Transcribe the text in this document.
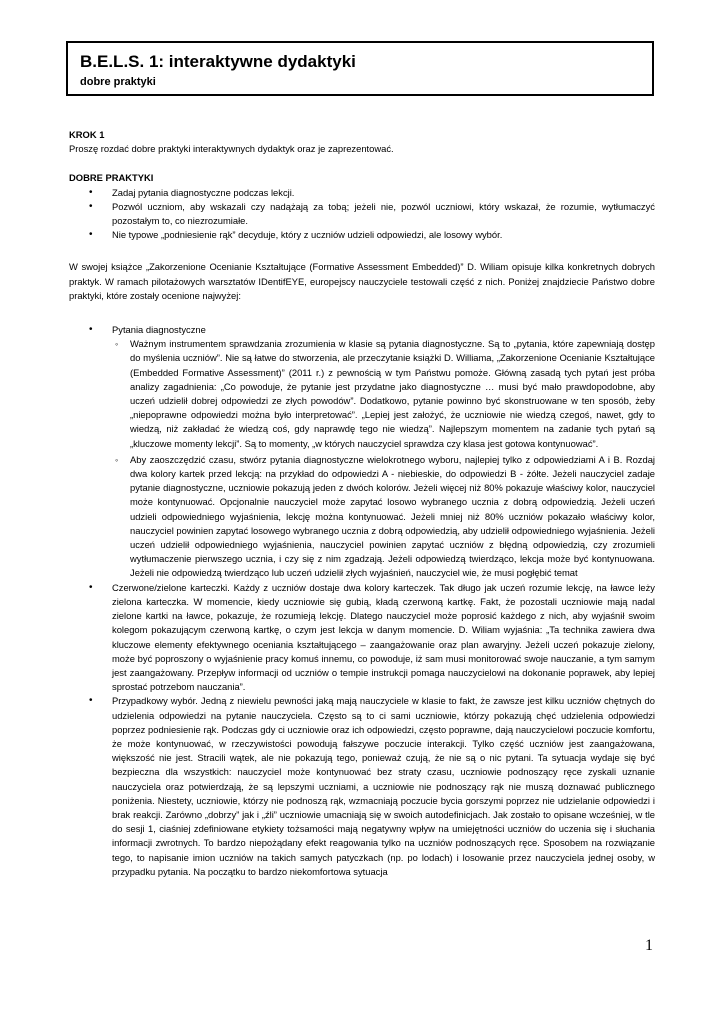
B.E.L.S. 1: interaktywne dydaktyki
dobre praktyki

KROK 1

Proszę rozdać dobre praktyki interaktywnych dydaktyk oraz je zaprezentować.

DOBRE PRAKTYKI

• Zadaj pytania diagnostyczne podczas lekcji.
• Pozwól uczniom, aby wskazali czy nadążają za tobą; jeżeli nie, pozwól uczniowi, który wskazał, że rozumie, wytłumaczyć pozostałym to, co niezrozumiałe.
• Nie typowe „podniesienie rąk” decyduje, który z uczniów udzieli odpowiedzi, ale losowy wybór.

W swojej książce „Zakorzenione Ocenianie Kształtujące (Formative Assessment Embedded)” D. Wiliam opisuje kilka konkretnych dobrych praktyk. W ramach pilotażowych warsztatów IDentifEYE, europejscy nauczyciele testowali część z nich. Poniżej znajdziecie Państwo dobre praktyki, które zostały ocenione najwyżej:

• Pytania diagnostyczne
◦ Ważnym instrumentem sprawdzania zrozumienia w klasie są pytania diagnostyczne. Są to „pytania, które zapewniają dostęp do myślenia uczniów”. Nie są łatwe do stworzenia, ale przeczytanie książki D. Williama, „Zakorzenione Ocenianie Kształtujące (Embedded Formative Assessment)” (2011 r.) z pewnością w tym Państwu pomoże. Główną zasadą tych pytań jest próba analizy zagadnienia: „Co powoduje, że pytanie jest przydatne jako diagnostyczne … musi być mało prawdopodobne, aby uczeń udzielił dobrej odpowiedzi ze złych powodów”. Dodatkowo, pytanie powinno być skonstruowane w ten sposób, żeby „niepoprawne odpowiedzi można było interpretować”. „Lepiej jest założyć, że uczniowie nie wiedzą czegoś, nawet, gdy to wiedzą, niż zakładać że wiedzą coś, gdy naprawdę tego nie wiedzą”. Najlepszym momentem na zadanie tych pytań są „kluczowe momenty lekcji”. Są to momenty, „w których nauczyciel sprawdza czy klasa jest gotowa kontynuować”.
◦ Aby zaoszczędzić czasu, stwórz pytania diagnostyczne wielokrotnego wyboru, najlepiej tylko z odpowiedziami A i B. Rozdaj dwa kolory kartek przed lekcją: na przykład do odpowiedzi A - niebieskie, do odpowiedzi B - żółte. Jeżeli nauczyciel zadaje pytanie diagnostyczne, uczniowie pokazują jeden z dwóch kolorów. Jeżeli więcej niż 80% pokazuje właściwy kolor, nauczyciel może kontynuować. Opcjonalnie nauczyciel może zapytać losowo wybranego ucznia z dobrą odpowiedzią. Jeżeli uczeń udzieli odpowiedniego wyjaśnienia, lekcję można kontynuować. Jeżeli mniej niż 80% uczniów pokazało właściwy kolor, nauczyciel powinien zapytać losowego wybranego ucznia z dobrą odpowiedzią, aby udzielił odpowiedniego wyjaśnienia. Jeżeli uczeń udzielił odpowiedniego wyjaśnienia, nauczyciel powinien zapytać uczniów z błędną odpowiedzią, czy zrozumieli wytłumaczenie pierwszego ucznia, i czy się z nim zgadzają. Jeżeli odpowiedzą twierdząco, lekcja może być kontynuowana. Jeżeli nie odpowiedzą twierdząco lub uczeń udzielił złych wyjaśnień, nauczyciel wie, że musi pogłębić temat
• Czerwone/zielone karteczki. Każdy z uczniów dostaje dwa kolory karteczek. Tak długo jak uczeń rozumie lekcję, na ławce leży zielona karteczka. W momencie, kiedy uczniowie się gubią, kładą czerwoną kartkę. Fakt, że pozostali uczniowie mają nadal zielone kartki na ławce, pokazuje, że rozumieją lekcję. Dlatego nauczyciel może poprosić każdego z nich, aby wyjaśnił swoim kolegom pokazującym czerwoną kartkę, o czym jest lekcja w danym momencie. D. Wiliam wyjaśnia: „Ta technika zawiera dwa kluczowe elementy efektywnego oceniania kształtującego – zaangażowanie oraz plan awaryjny. Jeżeli uczeń pokazuje zielony, może być poproszony o wyjaśnienie pracy komuś innemu, co powoduje, iż sam musi monitorować swoje nauczanie, a tym samym jest zaangażowany. Przepływ informacji od uczniów o tempie instrukcji pomaga nauczycielowi na dokonanie poprawek, aby lepiej sprostać potrzebom nauczania”.
• Przypadkowy wybór. Jedną z niewielu pewności jaką mają nauczyciele w klasie to fakt, że zawsze jest kilku uczniów chętnych do udzielenia odpowiedzi na pytanie nauczyciela. Często są to ci sami uczniowie, którzy pokazują chęć udzielenia odpowiedzi poprzez podniesienie rąk. Podczas gdy ci uczniowie oraz ich odpowiedzi, często poprawne, dają nauczycielowi poczucie komfortu, że może kontynuować, w rzeczywistości powodują fałszywe poczucie interakcji. Tylko część uczniów jest zaangażowana, większość nie jest. Stracili wątek, ale nie pokazują tego, ponieważ czują, że nie są o nic pytani. Ta sytuacja wydaje się być bezpieczna dla wszystkich: nauczyciel może kontynuować bez straty czasu, uczniowie podnoszący ręce zyskali uznanie nauczyciela oraz potwierdzają, że są lepszymi uczniami, a uczniowie nie podnoszący rąk nie muszą doznawać publicznego poniżenia. Niestety, uczniowie, którzy nie podnoszą rąk, wzmacniają poczucie bycia gorszymi poprzez nie udzielanie odpowiedzi i brak reakcji. Zarówno „dobrzy” jak i „źli” uczniowie umacniają się w swoich autodefinicjach. Jak zostało to opisane wcześniej, w tle do sesji 1, ciaśniej zdefiniowane etykiety tożsamości mają negatywny wpływ na umiejętności uczniów do uczenia się i słuchania informacji zwrotnych. To bardzo niepożądany efekt reagowania tylko na uczniów podnoszących ręce. Sposobem na rozwiązanie tego, to napisanie imion uczniów na takich samych patyczkach (np. po lodach) i losowanie przez nauczyciela jednej osoby, w przypadku pytania. Na początku to bardzo niekomfortowa sytuacja
1
